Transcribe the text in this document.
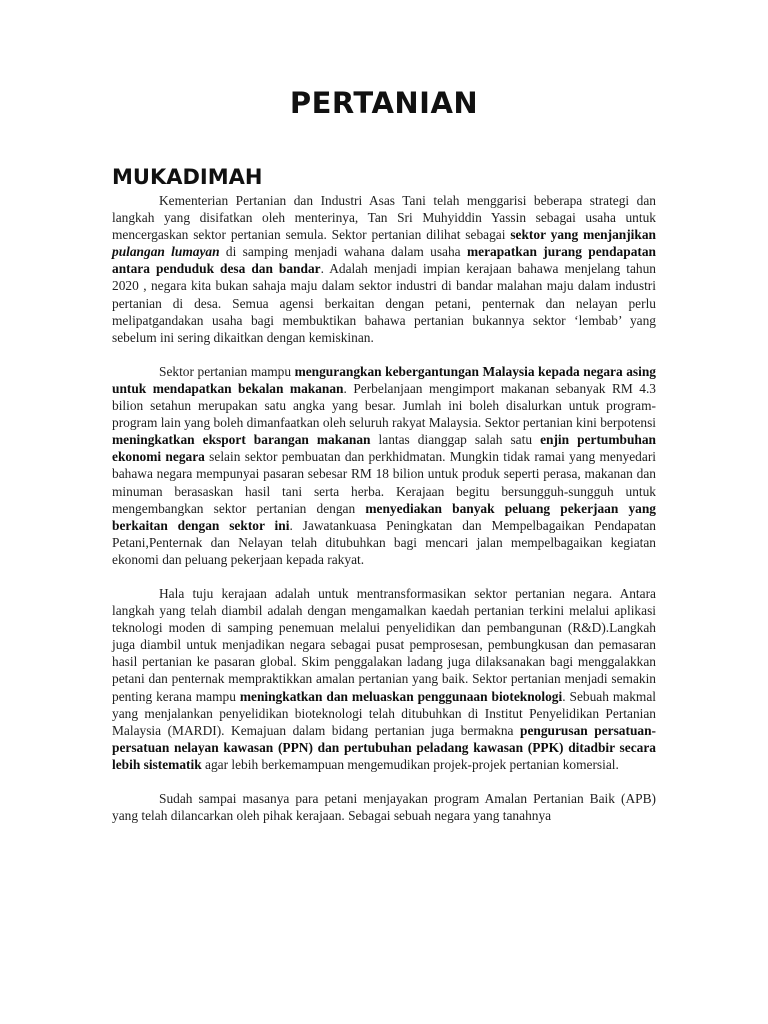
PERTANIAN
MUKADIMAH

Kementerian Pertanian dan Industri Asas Tani telah menggarisi beberapa strategi dan langkah yang disifatkan oleh menterinya, Tan Sri Muhyiddin Yassin sebagai usaha untuk mencergaskan sektor pertanian semula. Sektor pertanian dilihat sebagai sektor yang menjanjikan pulangan lumayan di samping menjadi wahana dalam usaha merapatkan jurang pendapatan antara penduduk desa dan bandar. Adalah menjadi impian kerajaan bahawa menjelang tahun 2020 , negara kita bukan sahaja maju dalam sektor industri di bandar malahan maju dalam industri pertanian di desa. Semua agensi berkaitan dengan petani, penternak dan nelayan perlu melipatgandakan usaha bagi membuktikan bahawa pertanian bukannya sektor ‘lembab’ yang sebelum ini sering dikaitkan dengan kemiskinan.

Sektor pertanian mampu mengurangkan kebergantungan Malaysia kepada negara asing untuk mendapatkan bekalan makanan. Perbelanjaan mengimport makanan sebanyak RM 4.3 bilion setahun merupakan satu angka yang besar. Jumlah ini boleh disalurkan untuk program-program lain yang boleh dimanfaatkan oleh seluruh rakyat Malaysia. Sektor pertanian kini berpotensi meningkatkan eksport barangan makanan lantas dianggap salah satu enjin pertumbuhan ekonomi negara selain sektor pembuatan dan perkhidmatan. Mungkin tidak ramai yang menyedari bahawa negara mempunyai pasaran sebesar RM 18 bilion untuk produk seperti perasa, makanan dan minuman berasaskan hasil tani serta herba. Kerajaan begitu bersungguh-sungguh untuk mengembangkan sektor pertanian dengan menyediakan banyak peluang pekerjaan yang berkaitan dengan sektor ini. Jawatankuasa Peningkatan dan Mempelbagaikan Pendapatan Petani,Penternak dan Nelayan telah ditubuhkan bagi mencari jalan mempelbagaikan kegiatan ekonomi dan peluang pekerjaan kepada rakyat.

Hala tuju kerajaan adalah untuk mentransformasikan sektor pertanian negara. Antara langkah yang telah diambil adalah dengan mengamalkan kaedah pertanian terkini melalui aplikasi teknologi moden di samping penemuan melalui penyelidikan dan pembangunan (R&D).Langkah juga diambil untuk menjadikan negara sebagai pusat pemprosesan, pembungkusan dan pemasaran hasil pertanian ke pasaran global. Skim penggalakan ladang juga dilaksanakan bagi menggalakkan petani dan penternak mempraktikkan amalan pertanian yang baik. Sektor pertanian menjadi semakin penting kerana mampu meningkatkan dan meluaskan penggunaan bioteknologi. Sebuah makmal yang menjalankan penyelidikan bioteknologi telah ditubuhkan di Institut Penyelidikan Pertanian Malaysia (MARDI). Kemajuan dalam bidang pertanian juga bermakna pengurusan persatuan-persatuan nelayan kawasan (PPN) dan pertubuhan peladang kawasan (PPK) ditadbir secara lebih sistematik agar lebih berkemampuan mengemudikan projek-projek pertanian komersial.

Sudah sampai masanya para petani menjayakan program Amalan Pertanian Baik (APB) yang telah dilancarkan oleh pihak kerajaan. Sebagai sebuah negara yang tanahnya
